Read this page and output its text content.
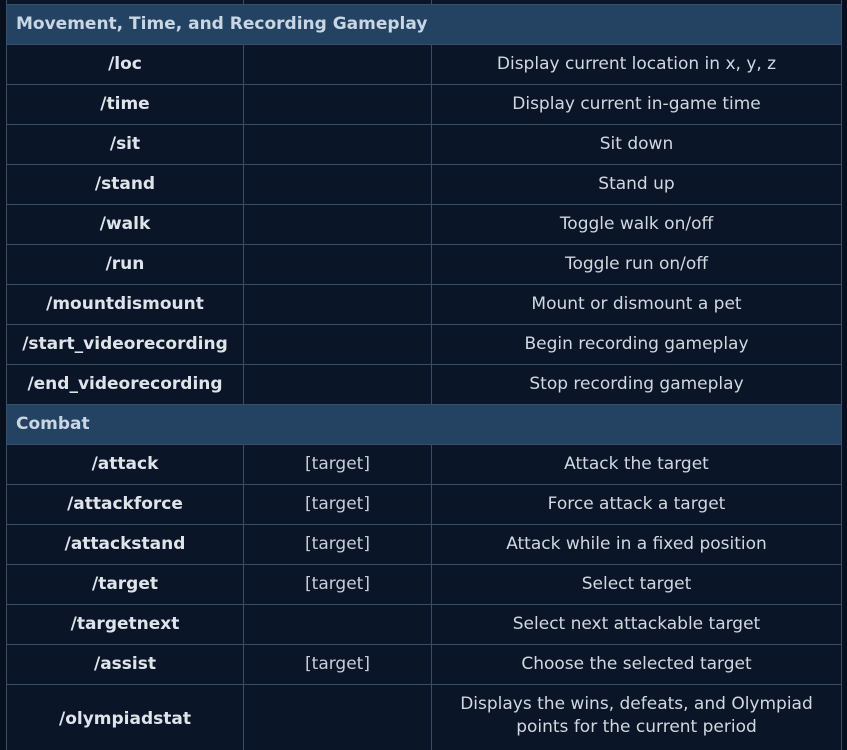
Movement, Time, and Recording Gameplay		
/loc		Display current location in x, y, z
/time		Display current in-game time
/sit		Sit down
/stand		Stand up
/walk		Toggle walk on/off
/run		Toggle run on/off
/mountdismount		Mount or dismount a pet
/start_videorecording		Begin recording gameplay
/end_videorecording		Stop recording gameplay
Combat		
/attack	[target]	Attack the target
/attackforce	[target]	Force attack a target
/attackstand	[target]	Attack while in a fixed position
/target	[target]	Select target
/targetnext		Select next attackable target
/assist	[target]	Choose the selected target
/olympiadstat		Displays the wins, defeats, and Olympiad points for the current period
